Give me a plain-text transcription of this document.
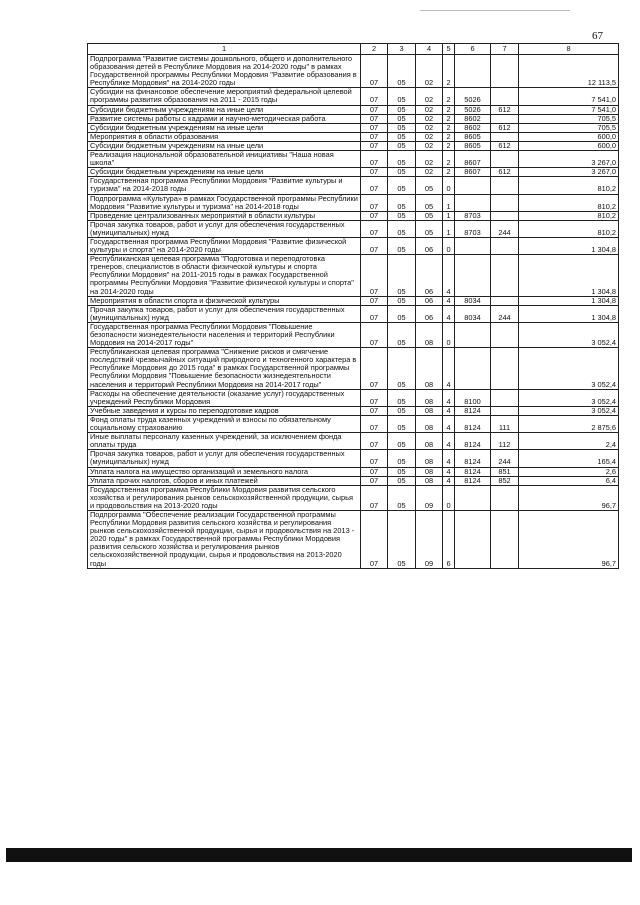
67
1	2	3	4	5	6	7	8
Подпрограмма "Развитие системы дошкольного, общего и дополнительного образования детей в Республике Мордовия на 2014-2020 годы" в рамках Государственной программы Республики Мордовия "Развитие образования в Республике Мордовия" на 2014-2020 годы	07	05	02	2			12 113,5
Субсидии на финансовое обеспечение мероприятий федеральной целевой программы развития образования на 2011 - 2015 годы	07	05	02	2	5026		7 541,0
Субсидии бюджетным учреждениям на иные цели	07	05	02	2	5026	612	7 541,0
Развитие системы работы с кадрами и научно-методическая работа	07	05	02	2	8602		705,5
Субсидии бюджетным учреждениям на иные цели	07	05	02	2	8602	612	705,5
Мероприятия в области образования	07	05	02	2	8605		600,0
Субсидии бюджетным учреждениям на иные цели	07	05	02	2	8605	612	600,0
Реализация национальной образовательной инициативы "Наша новая школа"	07	05	02	2	8607		3 267,0
Субсидии бюджетным учреждениям на иные цели	07	05	02	2	8607	612	3 267,0
Государственная программа Республики Мордовия "Развитие культуры и туризма" на 2014-2018 годы	07	05	05	0			810,2
Подпрограмма «Культура» в рамках Государственной программы Республики Мордовия "Развитие культуры и туризма" на 2014-2018 годы	07	05	05	1			810,2
Проведение централизованных мероприятий в области культуры	07	05	05	1	8703		810,2
Прочая закупка товаров, работ и услуг для обеспечения государственных (муниципальных) нужд	07	05	05	1	8703	244	810,2
Государственная программа Республики Мордовия "Развитие физической культуры и спорта" на 2014-2020 годы	07	05	06	0			1 304,8
Республиканская целевая программа "Подготовка и переподготовка тренеров, специалистов в области физической культуры и спорта Республики Мордовия" на 2011-2015 годы в рамках Государственной программы Республики Мордовия "Развитие физической культуры и спорта" на 2014-2020 годы	07	05	06	4			1 304,8
Мероприятия в области спорта и физической культуры	07	05	06	4	8034		1 304,8
Прочая закупка товаров, работ и услуг для обеспечения государственных (муниципальных) нужд	07	05	06	4	8034	244	1 304,8
Государственная программа Республики Мордовия "Повышение безопасности жизнедеятельности населения и территорий Республики Мордовия на 2014-2017 годы"	07	05	08	0			3 052,4
Республиканская целевая программа "Снижение рисков и смягчение последствий чрезвычайных ситуаций природного и техногенного характера в Республике Мордовия до 2015 года" в рамках Государственной программы Республики Мордовия "Повышение безопасности жизнедеятельности населения и территорий Республики Мордовия на 2014-2017 годы"	07	05	08	4			3 052,4
Расходы на обеспечение деятельности (оказание услуг) государственных учреждений Республики Мордовия	07	05	08	4	8100		3 052,4
Учебные заведения и курсы по переподготовке кадров	07	05	08	4	8124		3 052,4
Фонд оплаты труда казенных учреждений и взносы по обязательному социальному страхованию	07	05	08	4	8124	111	2 875,6
Иные выплаты персоналу казенных учреждений, за исключением фонда оплаты труда	07	05	08	4	8124	112	2,4
Прочая закупка товаров, работ и услуг для обеспечения государственных (муниципальных) нужд	07	05	08	4	8124	244	165,4
Уплата налога на имущество организаций и земельного налога	07	05	08	4	8124	851	2,6
Уплата прочих налогов, сборов и иных платежей	07	05	08	4	8124	852	6,4
Государственная программа Республики Мордовия развития сельского хозяйства и регулирования рынков сельскохозяйственной продукции, сырья и продовольствия на 2013-2020 годы	07	05	09	0			96,7
Подпрограмма "Обеспечение реализации Государственной программы Республики Мордовия развития сельского хозяйства и регулирования рынков сельскохозяйственной продукции, сырья и продовольствия на 2013 - 2020 годы" в рамках Государственной программы Республики Мордовия развития сельского хозяйства и регулирования рынков сельскохозяйственной продукции, сырья и продовольствия на 2013-2020 годы	07	05	09	6			96,7
